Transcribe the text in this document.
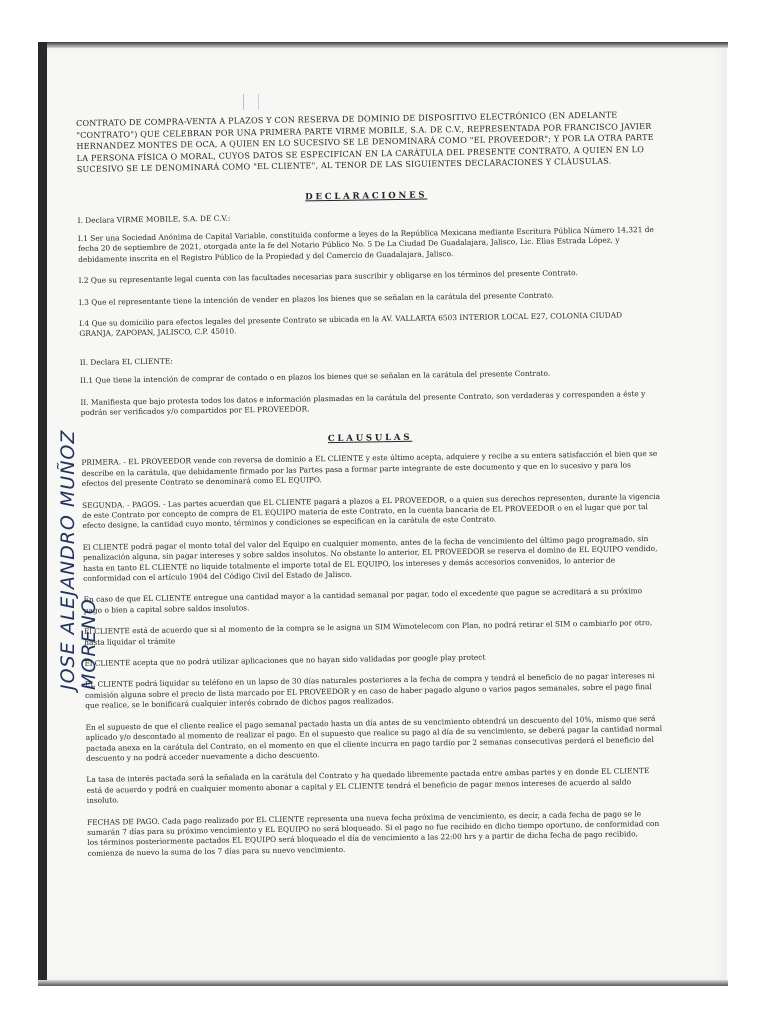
CONTRATO DE COMPRA-VENTA A PLAZOS Y CON RESERVA DE DOMINIO DE DISPOSITIVO ELECTRÓNICO (EN ADELANTE "CONTRATO") QUE CELEBRAN POR UNA PRIMERA PARTE VIRME MOBILE, S.A. DE C.V., REPRESENTADA POR FRANCISCO JAVIER HERNANDEZ MONTES DE OCA, A QUIEN EN LO SUCESIVO SE LE DENOMINARÁ COMO "EL PROVEEDOR"; Y POR LA OTRA PARTE LA PERSONA FÍSICA O MORAL, CUYOS DATOS SE ESPECIFICAN EN LA CARÁTULA DEL PRESENTE CONTRATO, A QUIEN EN LO SUCESIVO SE LE DENOMINARÁ COMO "EL CLIENTE", AL TENOR DE LAS SIGUIENTES DECLARACIONES Y CLÁUSULAS.

DECLARACIONES

I. Declara VIRME MOBILE, S.A. DE C.V.:

I.1 Ser una Sociedad Anónima de Capital Variable, constituida conforme a leyes de la República Mexicana mediante Escritura Pública Número 14,321 de fecha 20 de septiembre de 2021, otorgada ante la fe del Notario Público No. 5 De La Ciudad De Guadalajara, Jalisco, Lic. Elias Estrada López, y debidamente inscrita en el Registro Público de la Propiedad y del Comercio de Guadalajara, Jalisco.

I.2 Que su representante legal cuenta con las facultades necesarias para suscribir y obligarse en los términos del presente Contrato.

I.3 Que el representante tiene la intención de vender en plazos los bienes que se señalan en la carátula del presente Contrato.

I.4 Que su domicilio para efectos legales del presente Contrato se ubicada en la AV. VALLARTA 6503 INTERIOR LOCAL E27, COLONIA CIUDAD GRANJA, ZAPOPAN, JALISCO, C.P. 45010.

II. Declara EL CLIENTE:

II.1 Que tiene la intención de comprar de contado o en plazos los bienes que se señalan en la carátula del presente Contrato.

II. Manifiesta que bajo protesta todos los datos e información plasmadas en la carátula del presente Contrato, son verdaderas y corresponden a éste y podrán ser verificados y/o compartidos por EL PROVEEDOR.

CLAUSULAS

PRIMERA. - EL PROVEEDOR vende con reversa de dominio a EL CLIENTE y este último acepta, adquiere y recibe a su entera satisfacción el bien que se describe en la carátula, que debidamente firmado por las Partes pasa a formar parte integrante de este documento y que en lo sucesivo y para los efectos del presente Contrato se denominará como EL EQUIPO.

SEGUNDA. - PAGOS. - Las partes acuerdan que EL CLIENTE pagará a plazos a EL PROVEEDOR, o a quien sus derechos representen, durante la vigencia de este Contrato por concepto de compra de EL EQUIPO materia de este Contrato, en la cuenta bancaria de EL PROVEEDOR o en el lugar que por tal efecto designe, la cantidad cuyo monto, términos y condiciones se especifican en la carátula de este Contrato.

El CLIENTE podrá pagar el monto total del valor del Equipo en cualquier momento, antes de la fecha de vencimiento del último pago programado, sin penalización alguna, sin pagar intereses y sobre saldos insolutos. No obstante lo anterior, EL PROVEEDOR se reserva el domino de EL EQUIPO vendido, hasta en tanto EL CLIENTE no liquide totalmente el importe total de EL EQUIPO, los intereses y demás accesorios convenidos, lo anterior de conformidad con el artículo 1904 del Código Civil del Estado de Jalisco.

En caso de que EL CLIENTE entregue una cantidad mayor a la cantidad semanal por pagar, todo el excedente que pague se acreditará a su próximo pago o bien a capital sobre saldos insolutos.

El CLIENTE está de acuerdo que si al momento de la compra se le asigna un SIM Wimotelecom con Plan, no podrá retirar el SIM o cambiarlo por otro, hasta liquidar el trámite

El CLIENTE acepta que no podrá utilizar aplicaciones que no hayan sido validadas por google play protect

EL CLIENTE podrá liquidar su teléfono en un lapso de 30 días naturales posteriores a la fecha de compra y tendrá el beneficio de no pagar intereses ni comisión alguna sobre el precio de lista marcado por EL PROVEEDOR y en caso de haber pagado alguno o varios pagos semanales, sobre el pago final que realice, se le bonificará cualquier interés cobrado de dichos pagos realizados.

En el supuesto de que el cliente realice el pago semanal pactado hasta un día antes de su vencimiento obtendrá un descuento del 10%, mismo que será aplicado y/o descontado al momento de realizar el pago. En el supuesto que realice su pago al día de su vencimiento, se deberá pagar la cantidad normal pactada anexa en la carátula del Contrato, en el momento en que el cliente incurra en pago tardío por 2 semanas consecutivas perderá el beneficio del descuento y no podrá acceder nuevamente a dicho descuento.

La tasa de interés pactada será la señalada en la carátula del Contrato y ha quedado libremente pactada entre ambas partes y en donde EL CLIENTE está de acuerdo y podrá en cualquier momento abonar a capital y EL CLIENTE tendrá el beneficio de pagar menos intereses de acuerdo al saldo insoluto.

FECHAS DE PAGO. Cada pago realizado por EL CLIENTE representa una nueva fecha próxima de vencimiento, es decir, a cada fecha de pago se le sumarán 7 días para su próximo vencimiento y EL EQUIPO no será bloqueado. Si el pago no fue recibido en dicho tiempo oportuno, de conformidad con los términos posteriormente pactados EL EQUIPO será bloqueado el día de vencimiento a las 22:00 hrs y a partir de dicha fecha de pago recibido, comienza de nuevo la suma de los 7 días para su nuevo vencimiento.

JOSE ALEJANDRO MUÑOZ MORENO
